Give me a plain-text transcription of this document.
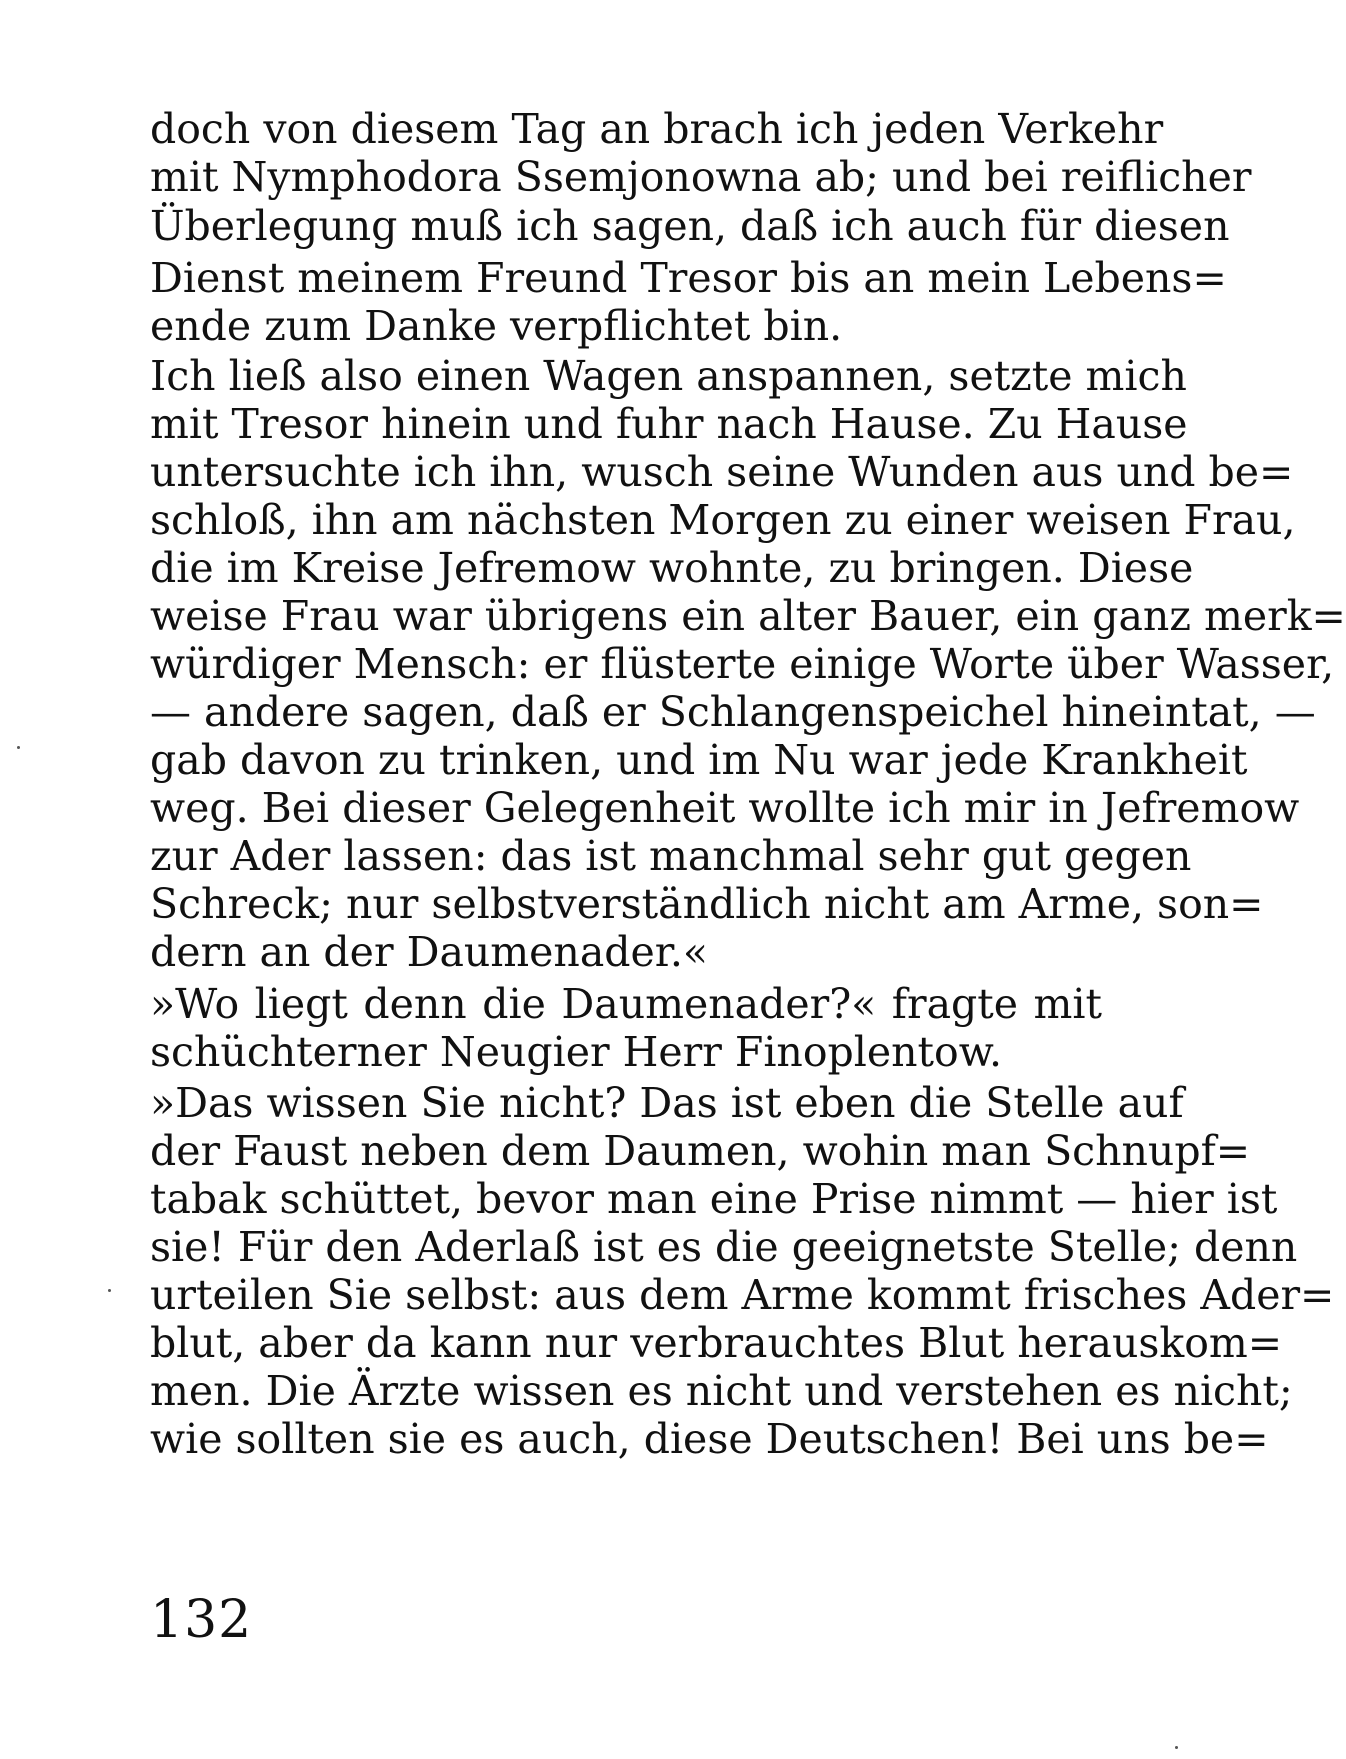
doch von diesem Tag an brach ich jeden Verkehr
mit Nymphodora Ssemjonowna ab; und bei reiflicher
Überlegung muß ich sagen, daß ich auch für diesen
Dienst meinem Freund Tresor bis an mein Lebens=
ende zum Danke verpflichtet bin.
Ich ließ also einen Wagen anspannen, setzte mich
mit Tresor hinein und fuhr nach Hause. Zu Hause
untersuchte ich ihn, wusch seine Wunden aus und be=
schloß, ihn am nächsten Morgen zu einer weisen Frau,
die im Kreise Jefremow wohnte, zu bringen. Diese
weise Frau war übrigens ein alter Bauer, ein ganz merk=
würdiger Mensch: er flüsterte einige Worte über Wasser,
— andere sagen, daß er Schlangenspeichel hineintat, —
gab davon zu trinken, und im Nu war jede Krankheit
weg. Bei dieser Gelegenheit wollte ich mir in Jefremow
zur Ader lassen: das ist manchmal sehr gut gegen
Schreck; nur selbstverständlich nicht am Arme, son=
dern an der Daumenader.«
»Wo liegt denn die Daumenader?« fragte mit
schüchterner Neugier Herr Finoplentow.
»Das wissen Sie nicht? Das ist eben die Stelle auf
der Faust neben dem Daumen, wohin man Schnupf=
tabak schüttet, bevor man eine Prise nimmt — hier ist
sie! Für den Aderlaß ist es die geeignetste Stelle; denn
urteilen Sie selbst: aus dem Arme kommt frisches Ader=
blut, aber da kann nur verbrauchtes Blut herauskom=
men. Die Ärzte wissen es nicht und verstehen es nicht;
wie sollten sie es auch, diese Deutschen! Bei uns be=
132
